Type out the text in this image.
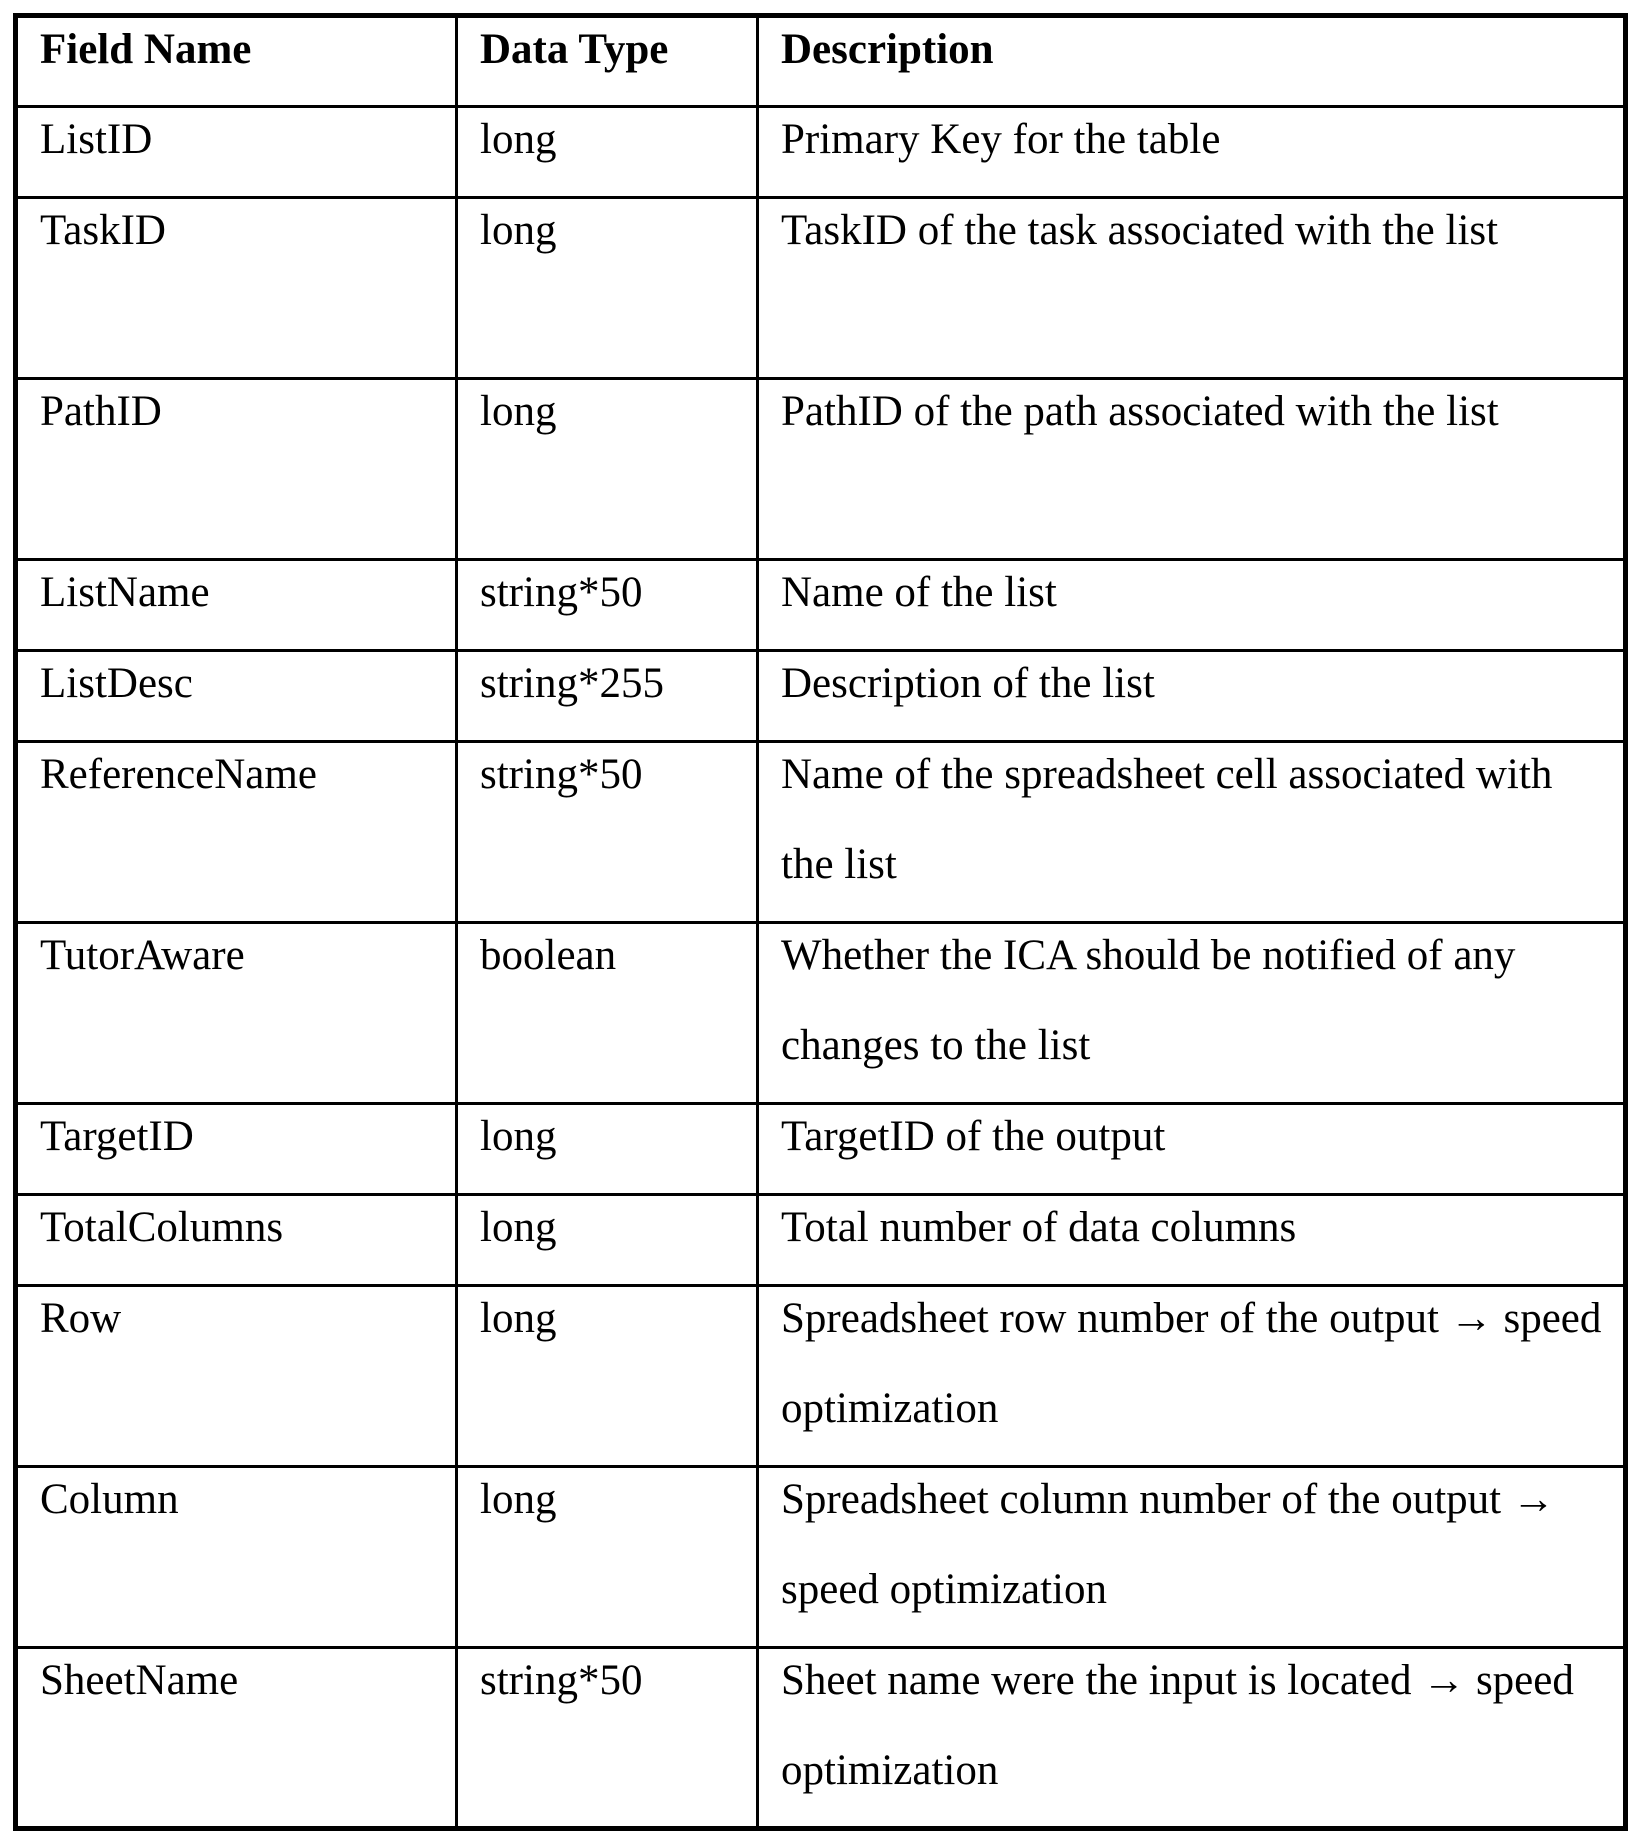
Field Name	Data Type	Description

ListID	long	Primary Key for the table

TaskID	long	TaskID of the task associated with the list

PathID	long	PathID of the path associated with the list

ListName	string*50	Name of the list

ListDesc	string*255	Description of the list

ReferenceName	string*50	Name of the spreadsheet cell associated with the list

TutorAware	boolean	Whether the ICA should be notified of any changes to the list

TargetID	long	TargetID of the output

TotalColumns	long	Total number of data columns

Row	long	Spreadsheet row number of the output → speed optimization

Column	long	Spreadsheet column number of the output → speed optimization

SheetName	string*50	Sheet name were the input is located → speed optimization
